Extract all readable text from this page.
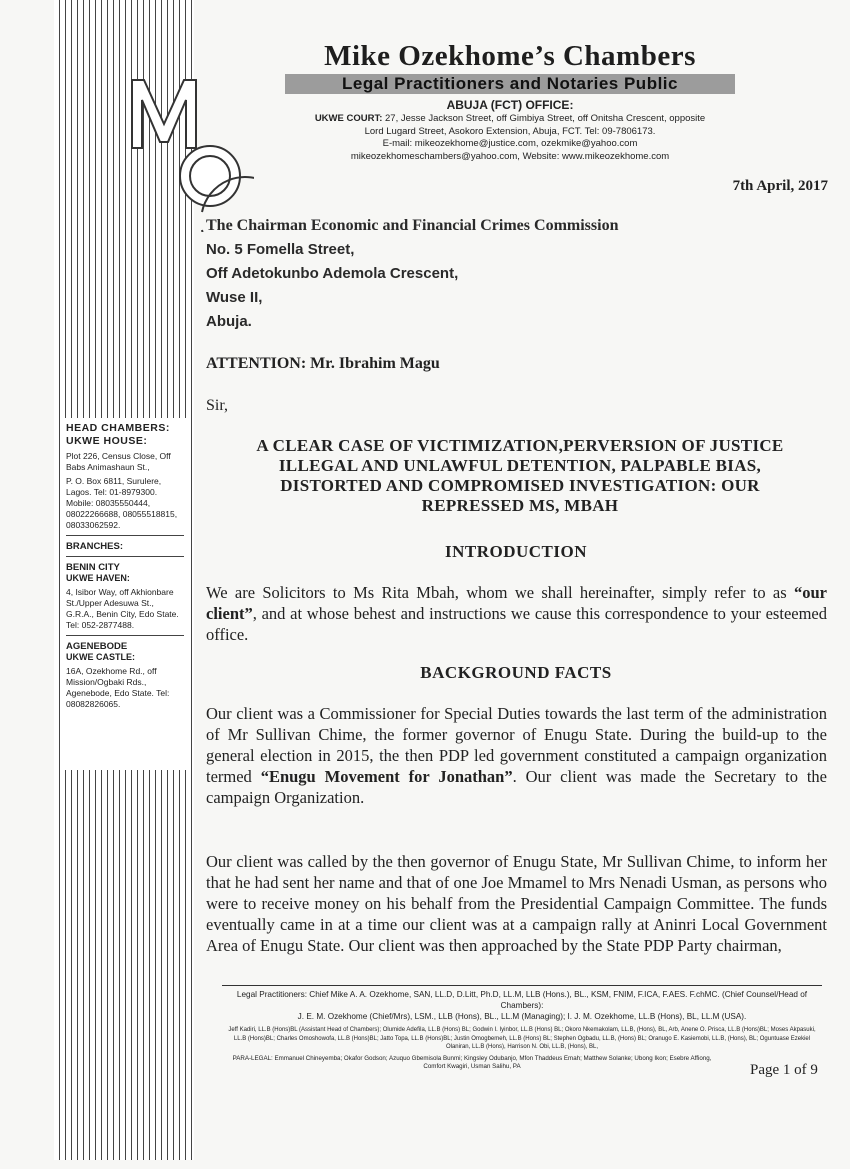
Mike Ozekhome’s Chambers
Legal Practitioners and Notaries Public
ABUJA (FCT) OFFICE:
UKWE COURT: 27, Jesse Jackson Street, off Gimbiya Street, off Onitsha Crescent, opposite
Lord Lugard Street, Asokoro Extension, Abuja, FCT. Tel: 09-7806173.
E-mail: mikeozekhome@justice.com, ozekmike@yahoo.com
mikeozekhomeschambers@yahoo.com, Website: www.mikeozekhome.com
HEAD CHAMBERS:
UKWE HOUSE:

Plot 226, Census Close, Off Babs Animashaun St.,

P. O. Box 6811, Surulere, Lagos. Tel: 01-8979300. Mobile: 08035550444, 08022266688, 08055518815, 08033062592.

BRANCHES:
BENIN CITY
UKWE HAVEN:

4, Isibor Way, off Akhionbare St./Upper Adesuwa St., G.R.A., Benin City, Edo State. Tel: 052-2877488.

AGENEBODE
UKWE CASTLE:

16A, Ozekhome Rd., off Mission/Ogbaki Rds., Agenebode, Edo State. Tel: 08082826065.

7th April, 2017
The Chairman Economic and Financial Crimes Commission
No. 5 Fomella Street,
Off Adetokunbo Ademola Crescent,
Wuse II,
Abuja.
ATTENTION: Mr. Ibrahim Magu
Sir,
A CLEAR CASE OF VICTIMIZATION,PERVERSION OF JUSTICE
ILLEGAL AND UNLAWFUL DETENTION, PALPABLE BIAS,
DISTORTED AND COMPROMISED INVESTIGATION: OUR
REPRESSED MS, MBAH
INTRODUCTION
We are Solicitors to Ms Rita Mbah, whom we shall hereinafter, simply refer to as “our client”, and at whose behest and instructions we cause this correspondence to your esteemed office.
BACKGROUND FACTS
Our client was a Commissioner for Special Duties towards the last term of the administration of Mr Sullivan Chime, the former governor of Enugu State. During the build-up to the general election in 2015, the then PDP led government constituted a campaign organization termed “Enugu Movement for Jonathan”. Our client was made the Secretary to the campaign Organization.
Our client was called by the then governor of Enugu State, Mr Sullivan Chime, to inform her that he had sent her name and that of one Joe Mmamel to Mrs Nenadi Usman, as persons who were to receive money on his behalf from the Presidential Campaign Committee. The funds eventually came in at a time our client was at a campaign rally at Aninri Local Government Area of Enugu State. Our client was then approached by the State PDP Party chairman,
Legal Practitioners: Chief Mike A. A. Ozekhome, SAN, LL.D, D.Litt, Ph.D, LL.M, LLB (Hons.), BL., KSM, FNIM, F.ICA, F.AES. F.chMC. (Chief Counsel/Head of Chambers):
J. E. M. Ozekhome (Chief/Mrs), LSM., LLB (Hons), BL., LL.M (Managing); I. J. M. Ozekhome, LL.B (Hons), BL, LL.M (USA).
Jeff Kadiri, LL.B (Hons)BL (Assistant Head of Chambers); Olumide Adefila, LL.B (Hons) BL; Godwin I. Iyinbor, LL.B (Hons) BL; Okoro Nkemakolam, LL.B, (Hons), BL, Arb, Anene O. Prisca, LL.B (Hons)BL; Moses Akpasuki, LL.B (Hons)BL; Charles Omoshowofa, LL.B (Hons)BL; Jatto Topa, LL.B (Hons)BL; Justin Omogbemeh, LL.B (Hons) BL; Stephen Ogbadu, LL.B, (Hons) BL; Oranugo E. Kasiemobi, LL.B, (Hons), BL; Oguntuase Ezekiel Olaniran, LL.B (Hons), Harrison N. Obi, LL.B, (Hons), BL,
PARA-LEGAL: Emmanuel Chineyemba; Okafor Godson; Azuquo Gbemisola Bunmi; Kingsley Odubanjo, Mfon Thaddeus Emah; Matthew Solanke; Ubong Ikon; Esebre Affiong, Comfort Kwagiri, Usman Salihu, PA	Page 1 of 9
